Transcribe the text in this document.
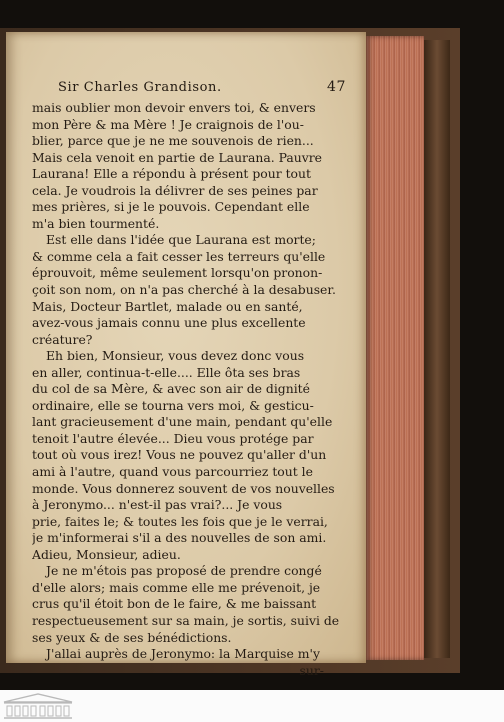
Sir Charles Grandison.	47
mais oublier mon devoir envers toi, & envers
mon Père & ma Mère ! Je craignois de l'ou-
blier, parce que je ne me souvenois de rien...
Mais cela venoit en partie de Laurana. Pauvre
Laurana! Elle a répondu à présent pour tout
cela. Je voudrois la délivrer de ses peines par
mes prières, si je le pouvois. Cependant elle
m'a bien tourmenté.
Est elle dans l'idée que Laurana est morte;
& comme cela a fait cesser les terreurs qu'elle
éprouvoit, même seulement lorsqu'on pronon-
çoit son nom, on n'a pas cherché à la desabuser.
Mais, Docteur Bartlet, malade ou en santé,
avez-vous jamais connu une plus excellente
créature?
Eh bien, Monsieur, vous devez donc vous
en aller, continua-t-elle.... Elle ôta ses bras
du col de sa Mère, & avec son air de dignité
ordinaire, elle se tourna vers moi, & gesticu-
lant gracieusement d'une main, pendant qu'elle
tenoit l'autre élevée... Dieu vous protége par
tout où vous irez! Vous ne pouvez qu'aller d'un
ami à l'autre, quand vous parcourriez tout le
monde. Vous donnerez souvent de vos nouvelles
à Jeronymo... n'est-il pas vrai?... Je vous
prie, faites le; & toutes les fois que je le verrai,
je m'informerai s'il a des nouvelles de son ami.
Adieu, Monsieur, adieu.
Je ne m'étois pas proposé de prendre congé
d'elle alors; mais comme elle me prévenoit, je
crus qu'il étoit bon de le faire, & me baissant
respectueusement sur sa main, je sortis, suivi de
ses yeux & de ses bénédictions.
J'allai auprès de Jeronymo: la Marquise m'y
sur-
